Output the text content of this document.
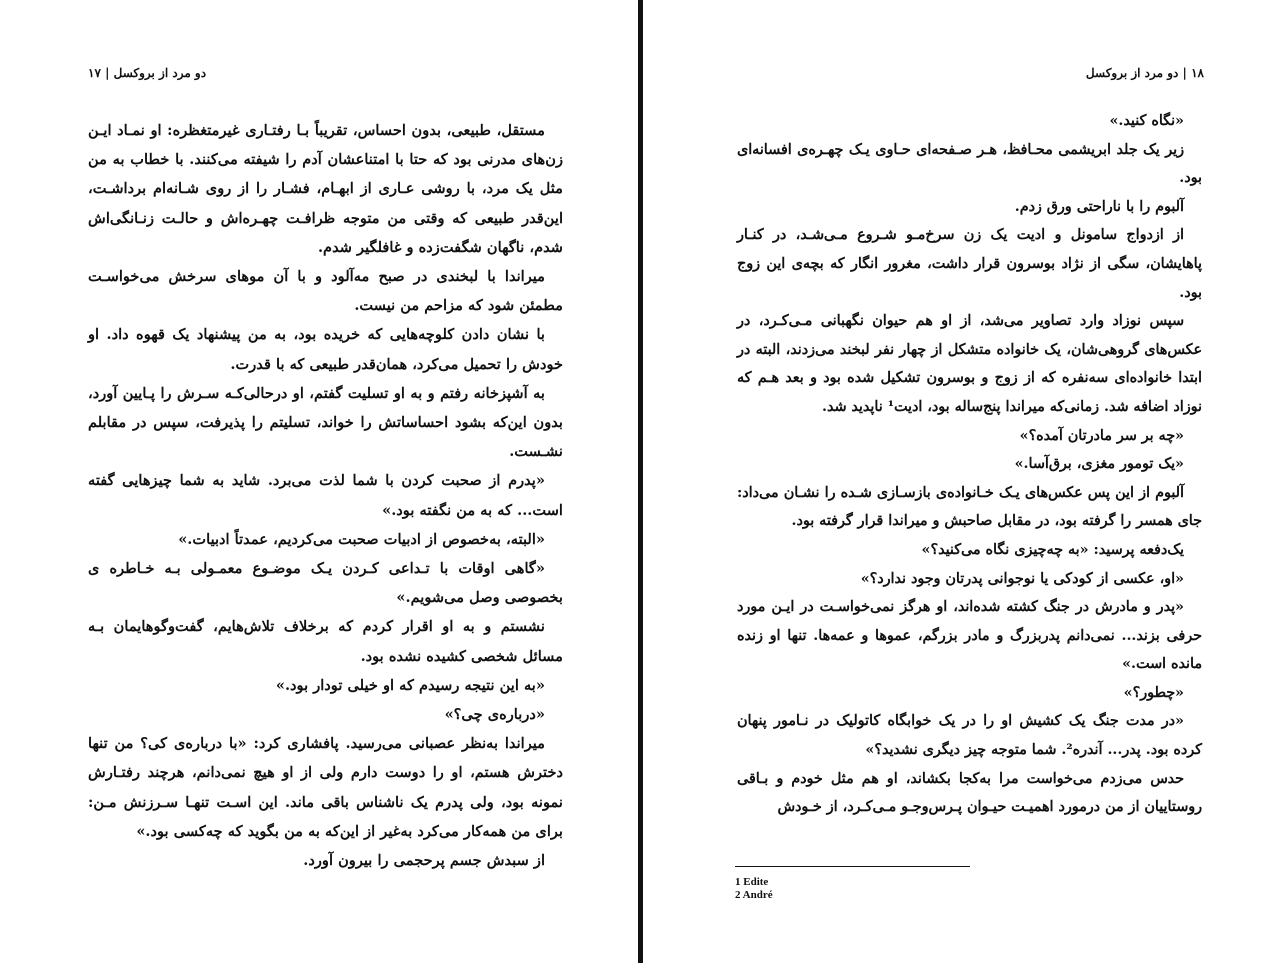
دو مرد از بروکسل | ۱۷

مستقل، طبیعی، بدون احساس، تقریباً بـا رفتـاری غیرمتغظره: او نمـاد ایـن زن‌های مدرنی بود که حتا با امتناعشان آدم را شیفته می‌کنند. با خطاب به من مثل یک مرد، با روشی عـاری از ابهـام، فشـار را از روی شـانه‌ام برداشـت، این‌قدر طبیعی که وقتی من متوجه ظرافـت چهـره‌اش و حالـت زنـانگی‌اش شدم، ناگهان شگفت‌زده و غافلگیر شدم.

میراندا با لبخندی در صبح مه‌آلود و با آن موهای سرخش می‌خواسـت مطمئن شود که مزاحم من نیست.

با نشان دادن کلوچه‌هایی که خریده بود، به من پیشنهاد یک قهوه داد. او خودش را تحمیل می‌کرد، همان‌قدر طبیعی که با قدرت.

به آشپزخانه رفتم و به او تسلیت گفتم، او درحالی‌کـه سـرش را پـایین آورد، بدون این‌که بشود احساساتش را خواند، تسلیتم را پذیرفت، سپس در مقابلم نشـست.

«پدرم از صحبت کردن با شما لذت می‌برد. شاید به شما چیزهایی گفته است... که به من نگفته بود.»

«البته، به‌خصوص از ادبیات صحبت می‌کردیم، عمدتاً ادبیات.»

«گاهی اوقات با تـداعی کـردن یـک موضـوع معمـولی بـه خـاطره ی بخصوصی وصل می‌شویم.»

نشستم و به او اقرار کردم که برخلاف تلاش‌هایم، گفت‌وگوهایمان بـه مسائل شخصی کشیده نشده بود.

«به این نتیجه رسیدم که او خیلی تودار بود.»

«درباره‌ی چی؟»

میراندا بەنظر عصبانی می‌رسید. پافشاری کرد: «با درباره‌ی کی؟ من تنها دخترش هستم، او را دوست دارم ولی از او هیچ نمی‌دانم، هرچند رفتـارش نمونه بود، ولی پدرم یک ناشناس باقی ماند. این اسـت تنهـا سـرزنش مـن: برای من همه‌کار می‌کرد به‌غیر از این‌که به من بگوید که چه‌کسی بود.»

از سبدش جسم پرحجمی را بیرون آورد.

۱۸ | دو مرد از بروکسل

«نگاه کنید.»

زیر یک جلد ابریشمی محـافظ، هـر صـفحه‌ای حـاوی یـک چهـره‌ی افسانه‌ای بود.

آلبوم را با ناراحتی ورق زدم.

از ازدواج سامونل و ادیت یک زن سرخ‌مـو شـروع مـی‌شـد، در کنـار پاهایشان، سگی از نژاد بوسرون قرار داشت، مغرور انگار که بچه‌ی این زوج بود.

سپس نوزاد وارد تصاویر می‌شد، از او هم حیوان نگهبانی مـی‌کـرد، در عکس‌های گروهی‌شان، یک خانواده متشکل از چهار نفر لبخند می‌زدند، البته در ابتدا خانواده‌ای سه‌نفره که از زوج و بوسرون تشکیل شده بود و بعد هـم که نوزاد اضافه شد. زمانی‌که میراندا پنج‌ساله بود، ادیت¹ ناپدید شد.

«چه بر سر مادرتان آمده؟»

«یک تومور مغزی، برق‌آسا.»

آلبوم از این پس عکس‌های یـک خـانواده‌ی بازسـازی شـده را نشـان می‌داد: جای همسر را گرفته بود، در مقابل صاحبش و میراندا قرار گرفته بود.

یک‌دفعه پرسید: «به چه‌چیزی نگاه می‌کنید؟»

«او، عکسی از کودکی یا نوجوانی پدرتان وجود ندارد؟»

«پدر و مادرش در جنگ کشته شده‌اند، او هرگز نمی‌خواسـت در ایـن مورد حرفی بزند... نمی‌دانم پدربزرگ و مادر بزرگم، عموها و عمه‌ها. تنها او زنده مانده است.»

«چطور؟»

«در مدت جنگ یک کشیش او را در یک خوابگاه کاتولیک در نـامور پنهان کرده بود. پدر... آندره². شما متوجه چیز دیگری نشدید؟»

حدس می‌زدم می‌خواست مرا به‌کجا بکشاند، او هم مثل خودم و بـاقی روستاییان از من درمورد اهمیـت حیـوان پـرس‌وجـو مـی‌کـرد، از خـودش

1 Edite
2 André
